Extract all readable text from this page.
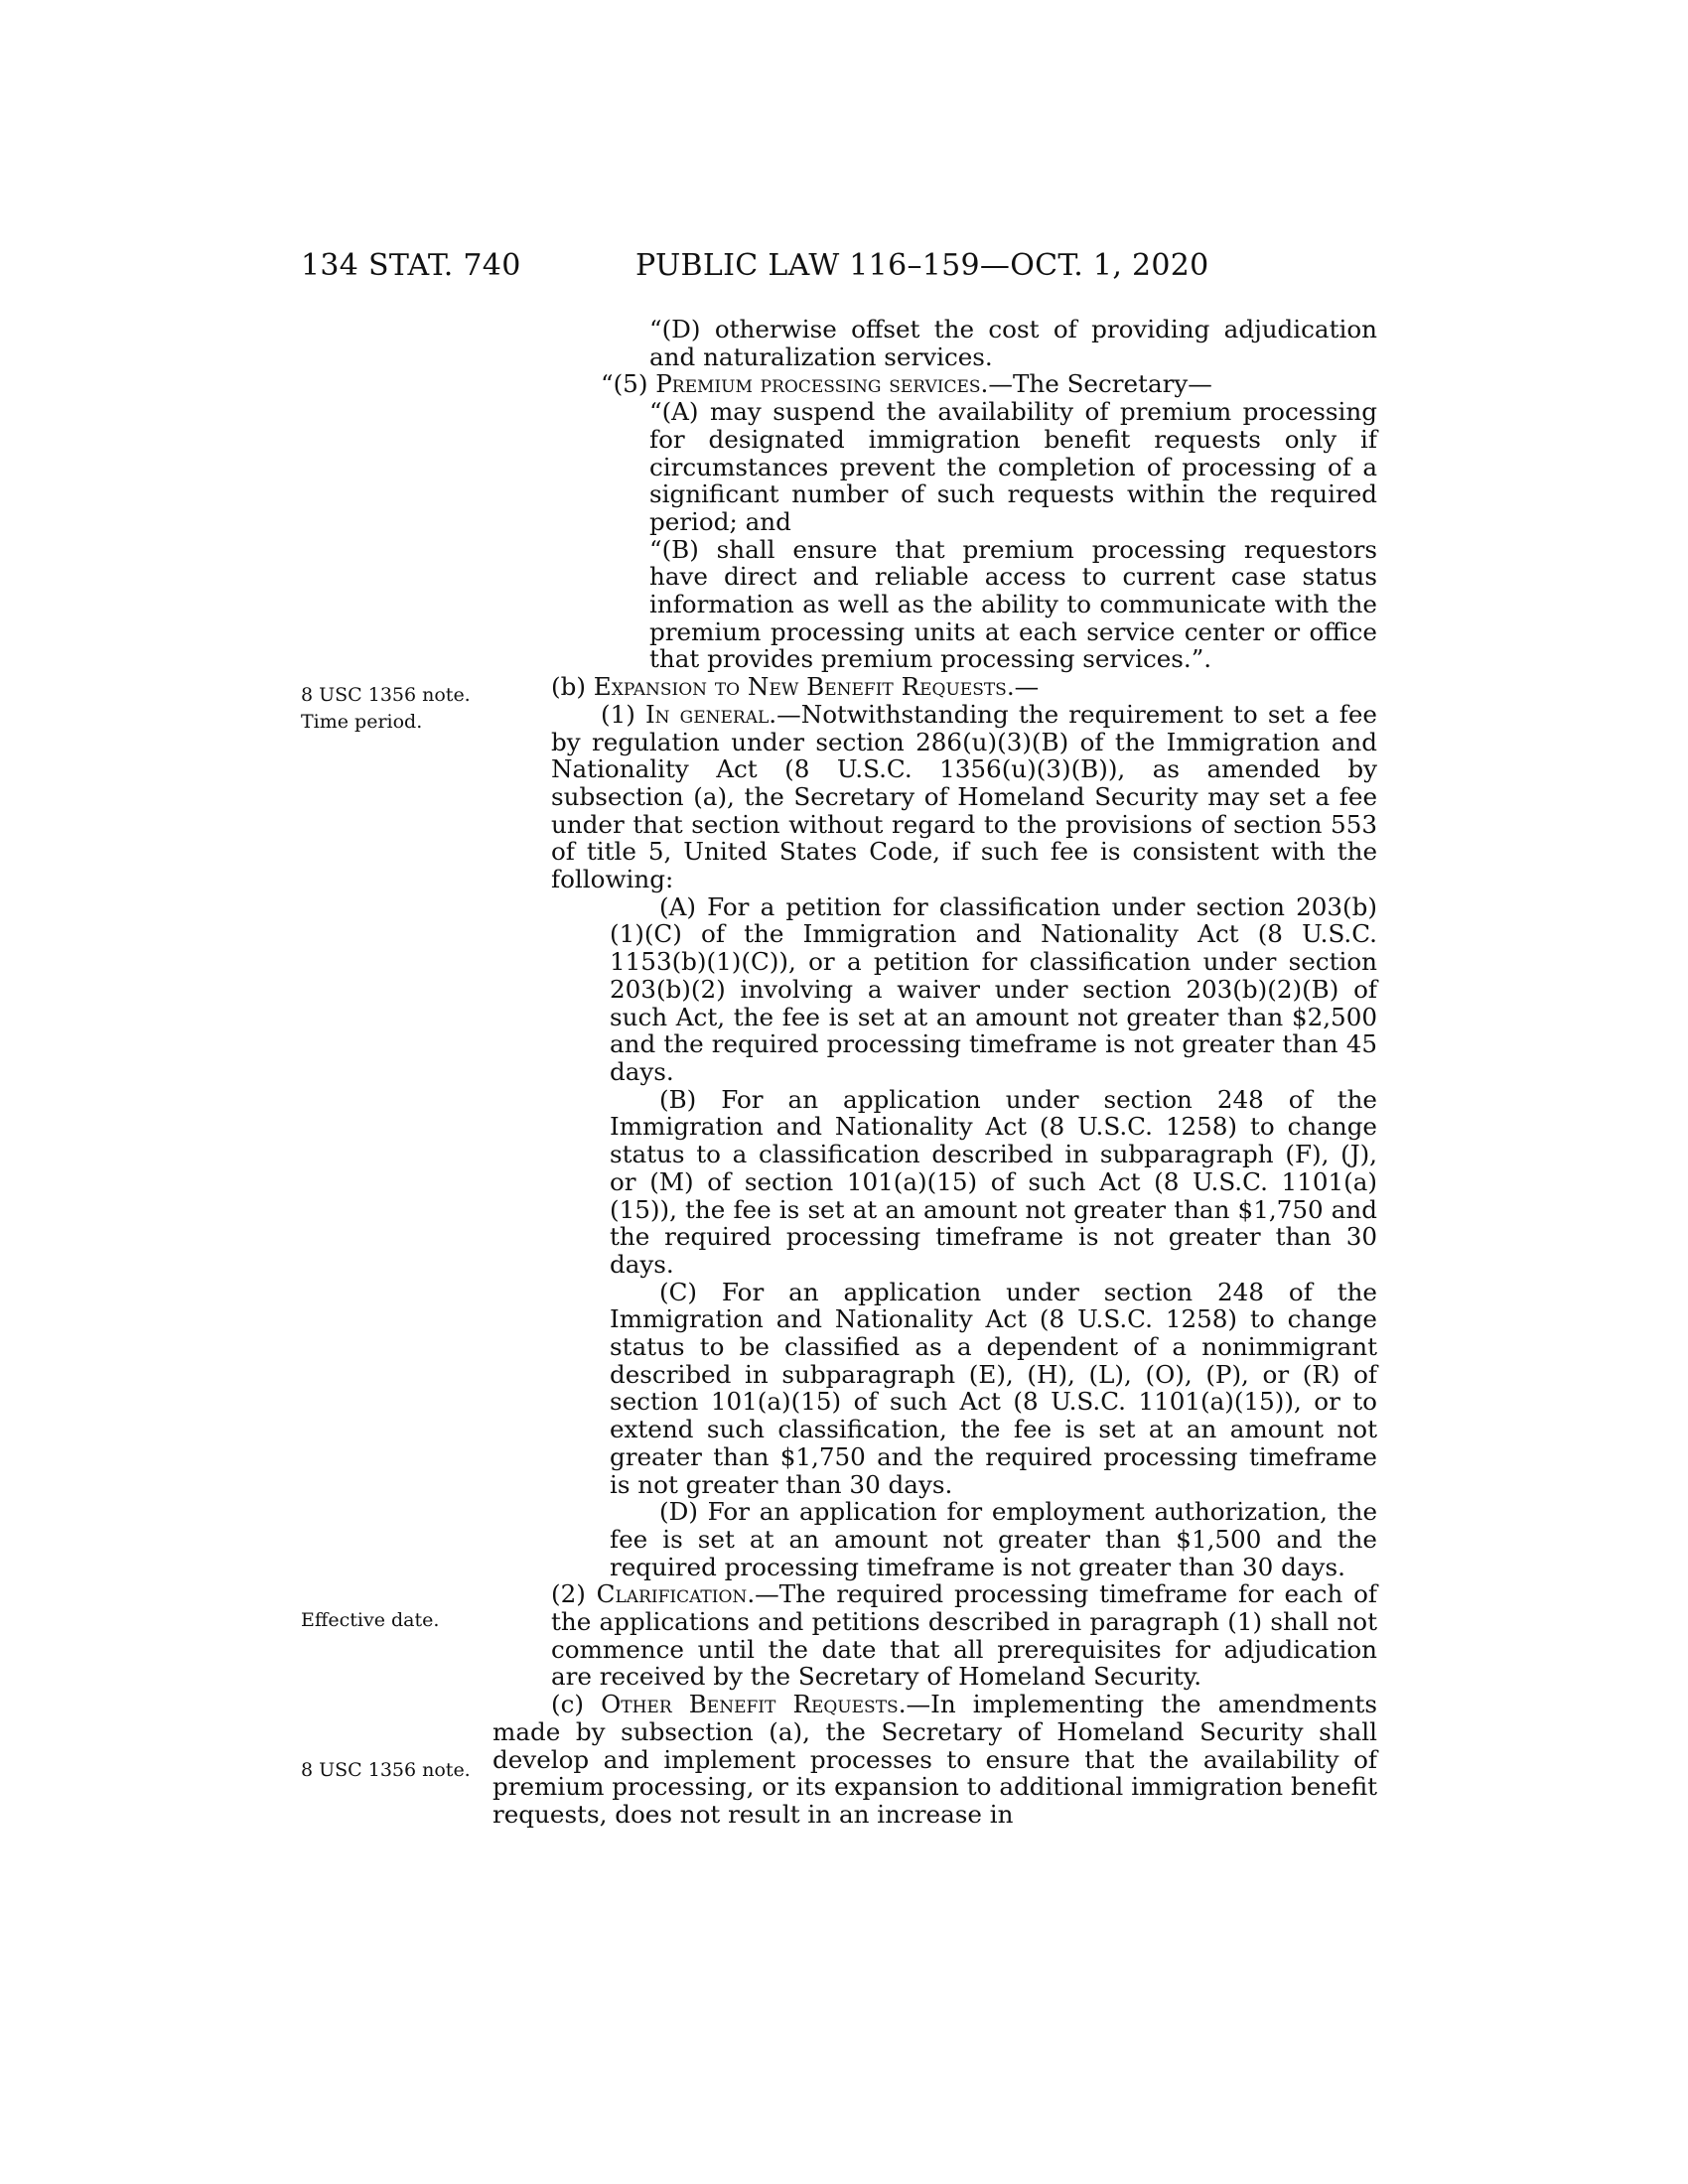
134 STAT. 740	PUBLIC LAW 116–159—OCT. 1, 2020
8 USC 1356 note.
Time period.
Effective date.
8 USC 1356 note.

“(D) otherwise offset the cost of providing adjudication and naturalization services.

“(5) Premium processing services.—The Secretary—

“(A) may suspend the availability of premium processing for designated immigration benefit requests only if circumstances prevent the completion of processing of a significant number of such requests within the required period; and

“(B) shall ensure that premium processing requestors have direct and reliable access to current case status information as well as the ability to communicate with the premium processing units at each service center or office that provides premium processing services.”.

(b) Expansion to New Benefit Requests.—

(1) In general.—Notwithstanding the requirement to set a fee by regulation under section 286(u)(3)(B) of the Immigration and Nationality Act (8 U.S.C. 1356(u)(3)(B)), as amended by subsection (a), the Secretary of Homeland Security may set a fee under that section without regard to the provisions of section 553 of title 5, United States Code, if such fee is consistent with the following:

(A) For a petition for classification under section 203(b)(1)(C) of the Immigration and Nationality Act (8 U.S.C. 1153(b)(1)(C)), or a petition for classification under section 203(b)(2) involving a waiver under section 203(b)(2)(B) of such Act, the fee is set at an amount not greater than $2,500 and the required processing timeframe is not greater than 45 days.

(B) For an application under section 248 of the Immigration and Nationality Act (8 U.S.C. 1258) to change status to a classification described in subparagraph (F), (J), or (M) of section 101(a)(15) of such Act (8 U.S.C. 1101(a)(15)), the fee is set at an amount not greater than $1,750 and the required processing timeframe is not greater than 30 days.

(C) For an application under section 248 of the Immigration and Nationality Act (8 U.S.C. 1258) to change status to be classified as a dependent of a nonimmigrant described in subparagraph (E), (H), (L), (O), (P), or (R) of section 101(a)(15) of such Act (8 U.S.C. 1101(a)(15)), or to extend such classification, the fee is set at an amount not greater than $1,750 and the required processing timeframe is not greater than 30 days.

(D) For an application for employment authorization, the fee is set at an amount not greater than $1,500 and the required processing timeframe is not greater than 30 days.

(2) Clarification.—The required processing timeframe for each of the applications and petitions described in paragraph (1) shall not commence until the date that all prerequisites for adjudication are received by the Secretary of Homeland Security.

(c) Other Benefit Requests.—In implementing the amendments made by subsection (a), the Secretary of Homeland Security shall develop and implement processes to ensure that the availability of premium processing, or its expansion to additional immigration benefit requests, does not result in an increase in
